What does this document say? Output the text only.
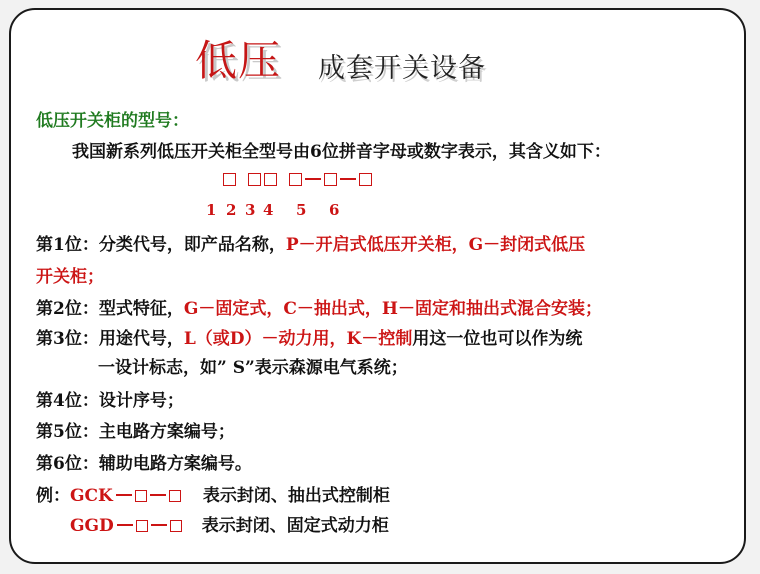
低压 成套开关设备
低压开关柜的型号：
我国新系列低压开关柜全型号由6位拼音字母或数字表示，其含义如下：
1 2 3 4 5 6
第1位：分类代号，即产品名称，P－开启式低压开关柜，G－封闭式低压
开关柜；
第2位：型式特征，G－固定式，C－抽出式，H－固定和抽出式混合安装；
第3位：用途代号，L（或D）－动力用，K－控制用这一位也可以作为统
一设计标志，如” S”表示森源电气系统；
第4位：设计序号；
第5位：主电路方案编号；
第6位：辅助电路方案编号。
例：GCK	表示封闭、抽出式控制柜
GGD	表示封闭、固定式动力柜
